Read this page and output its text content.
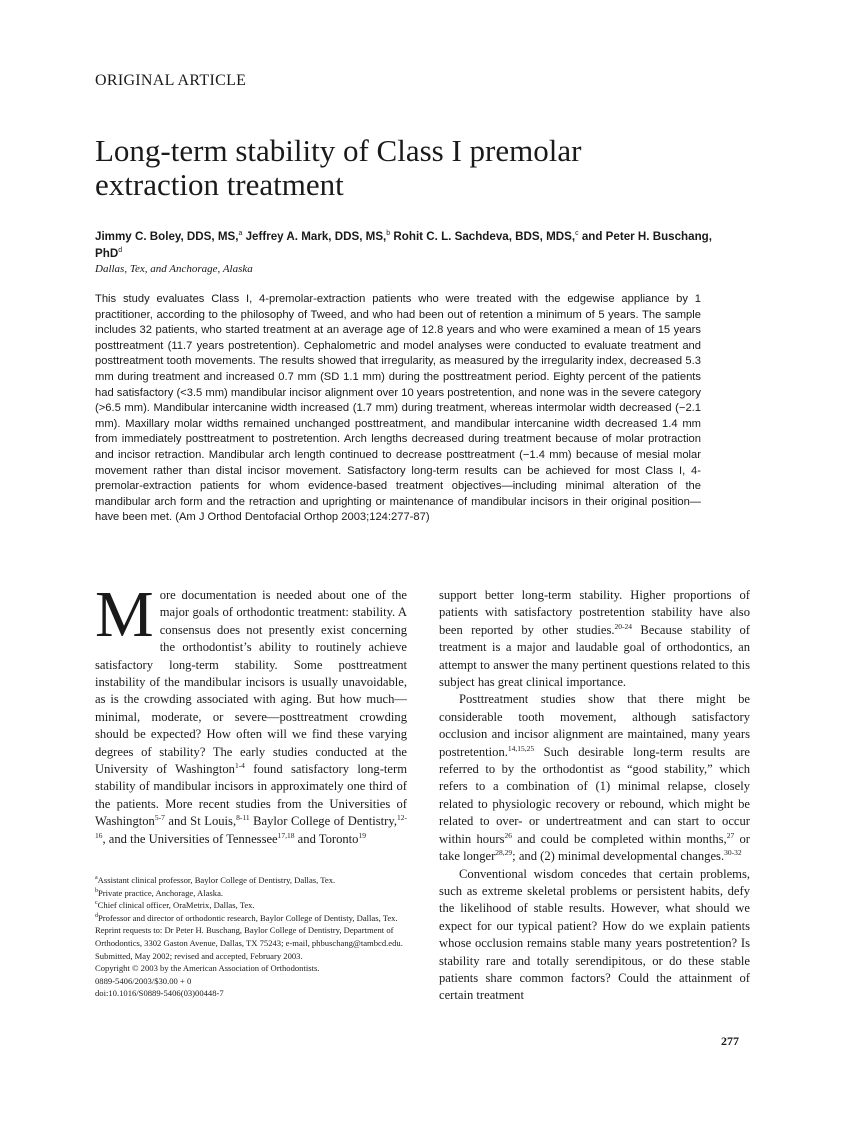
ORIGINAL ARTICLE
Long-term stability of Class I premolar
extraction treatment
Jimmy C. Boley, DDS, MS,$^a$ Jeffrey A. Mark, DDS, MS,$^b$ Rohit C. L. Sachdeva, BDS, MDS,$^c$ and Peter H. Buschang, PhD$^d$
Dallas, Tex, and Anchorage, Alaska

This study evaluates Class I, 4-premolar-extraction patients who were treated with the edgewise appliance by 1 practitioner, according to the philosophy of Tweed, and who had been out of retention a minimum of 5 years. The sample includes 32 patients, who started treatment at an average age of 12.8 years and who were examined a mean of 15 years posttreatment (11.7 years postretention). Cephalometric and model analyses were conducted to evaluate treatment and posttreatment tooth movements. The results showed that irregularity, as measured by the irregularity index, decreased 5.3 mm during treatment and increased 0.7 mm (SD 1.1 mm) during the posttreatment period. Eighty percent of the patients had satisfactory (<3.5 mm) mandibular incisor alignment over 10 years postretention, and none was in the severe category (>6.5 mm). Mandibular intercanine width increased (1.7 mm) during treatment, whereas intermolar width decreased (−2.1 mm). Maxillary molar widths remained unchanged posttreatment, and mandibular intercanine width decreased 1.4 mm from immediately posttreatment to postretention. Arch lengths decreased during treatment because of molar protraction and incisor retraction. Mandibular arch length continued to decrease posttreatment (−1.4 mm) because of mesial molar movement rather than distal incisor movement. Satisfactory long-term results can be achieved for most Class I, 4-premolar-extraction patients for whom evidence-based treatment objectives—including minimal alteration of the mandibular arch form and the retraction and uprighting or maintenance of mandibular incisors in their original position—have been met. (Am J Orthod Dentofacial Orthop 2003;124:277-87)

More documentation is needed about one of the major goals of orthodontic treatment: stability. A consensus does not presently exist concerning the orthodontist’s ability to routinely achieve satisfactory long-term stability. Some posttreatment instability of the mandibular incisors is usually unavoidable, as is the crowding associated with aging. But how much—minimal, moderate, or severe—posttreatment crowding should be expected? How often will we find these varying degrees of stability? The early studies conducted at the University of Washington$^{1-4}$ found satisfactory long-term stability of mandibular incisors in approximately one third of the patients. More recent studies from the Universities of Washington$^{5-7}$ and St Louis,$^{8-11}$ Baylor College of Dentistry,$^{12-16}$, and the Universities of Tennessee$^{17,18}$ and Toronto$^{19}$

support better long-term stability. Higher proportions of patients with satisfactory postretention stability have also been reported by other studies.$^{20-24}$ Because stability of treatment is a major and laudable goal of orthodontics, an attempt to answer the many pertinent questions related to this subject has great clinical importance.

Posttreatment studies show that there might be considerable tooth movement, although satisfactory occlusion and incisor alignment are maintained, many years postretention.$^{14,15,25}$ Such desirable long-term results are referred to by the orthodontist as “good stability,” which refers to a combination of (1) minimal relapse, closely related to physiologic recovery or rebound, which might be related to over- or undertreatment and can start to occur within hours$^{26}$ and could be completed within months,$^{27}$ or take longer$^{28,29}$; and (2) minimal developmental changes.$^{30-32}$

Conventional wisdom concedes that certain problems, such as extreme skeletal problems or persistent habits, defy the likelihood of stable results. However, what should we expect for our typical patient? How do we explain patients whose occlusion remains stable many years postretention? Is stability rare and totally serendipitous, or do these stable patients share common factors? Could the attainment of certain treatment

$^a$Assistant clinical professor, Baylor College of Dentistry, Dallas, Tex.
$^b$Private practice, Anchorage, Alaska.
$^c$Chief clinical officer, OraMetrix, Dallas, Tex.
$^d$Professor and director of orthodontic research, Baylor College of Dentisty, Dallas, Tex.
Reprint requests to: Dr Peter H. Buschang, Baylor College of Dentistry, Department of Orthodontics, 3302 Gaston Avenue, Dallas, TX 75243; e-mail, phbuschang@tambcd.edu.
Submitted, May 2002; revised and accepted, February 2003.
Copyright © 2003 by the American Association of Orthodontists.
0889-5406/2003/$30.00 + 0
doi:10.1016/S0889-5406(03)00448-7
277
